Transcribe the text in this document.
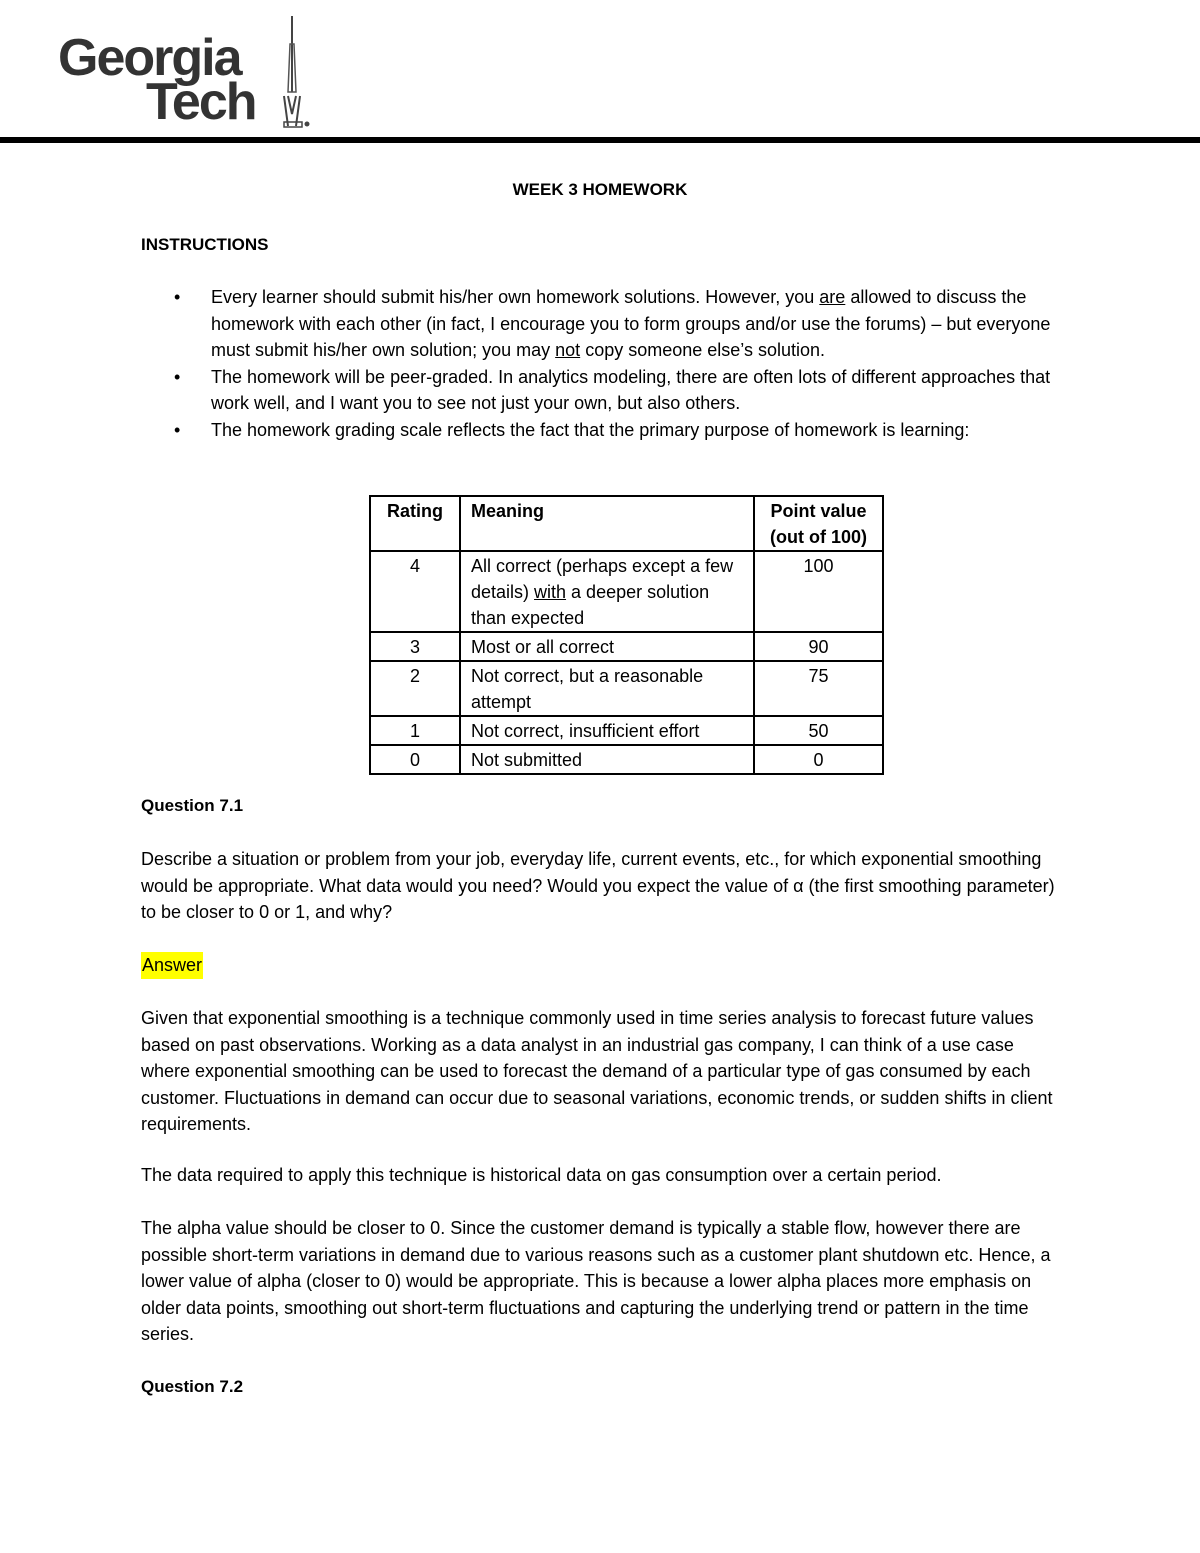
Georgia
Tech
WEEK 3 HOMEWORK
INSTRUCTIONS
• Every learner should submit his/her own homework solutions. However, you are allowed to discuss the homework with each other (in fact, I encourage you to form groups and/or use the forums) – but everyone must submit his/her own solution; you may not copy someone else’s solution.
• The homework will be peer-graded. In analytics modeling, there are often lots of different approaches that work well, and I want you to see not just your own, but also others.
• The homework grading scale reflects the fact that the primary purpose of homework is learning:
Rating	Meaning	Point value (out of 100)
4	All correct (perhaps except a few details) with a deeper solution than expected	100
3	Most or all correct	90
2	Not correct, but a reasonable attempt	75
1	Not correct, insufficient effort	50
0	Not submitted	0
Question 7.1
Describe a situation or problem from your job, everyday life, current events, etc., for which exponential smoothing would be appropriate. What data would you need? Would you expect the value of α (the first smoothing parameter) to be closer to 0 or 1, and why?
Answer
Given that exponential smoothing is a technique commonly used in time series analysis to forecast future values based on past observations. Working as a data analyst in an industrial gas company, I can think of a use case where exponential smoothing can be used to forecast the demand of a particular type of gas consumed by each customer. Fluctuations in demand can occur due to seasonal variations, economic trends, or sudden shifts in client requirements.
The data required to apply this technique is historical data on gas consumption over a certain period.
The alpha value should be closer to 0. Since the customer demand is typically a stable flow, however there are possible short-term variations in demand due to various reasons such as a customer plant shutdown etc. Hence, a lower value of alpha (closer to 0) would be appropriate. This is because a lower alpha places more emphasis on older data points, smoothing out short-term fluctuations and capturing the underlying trend or pattern in the time series.
Question 7.2
